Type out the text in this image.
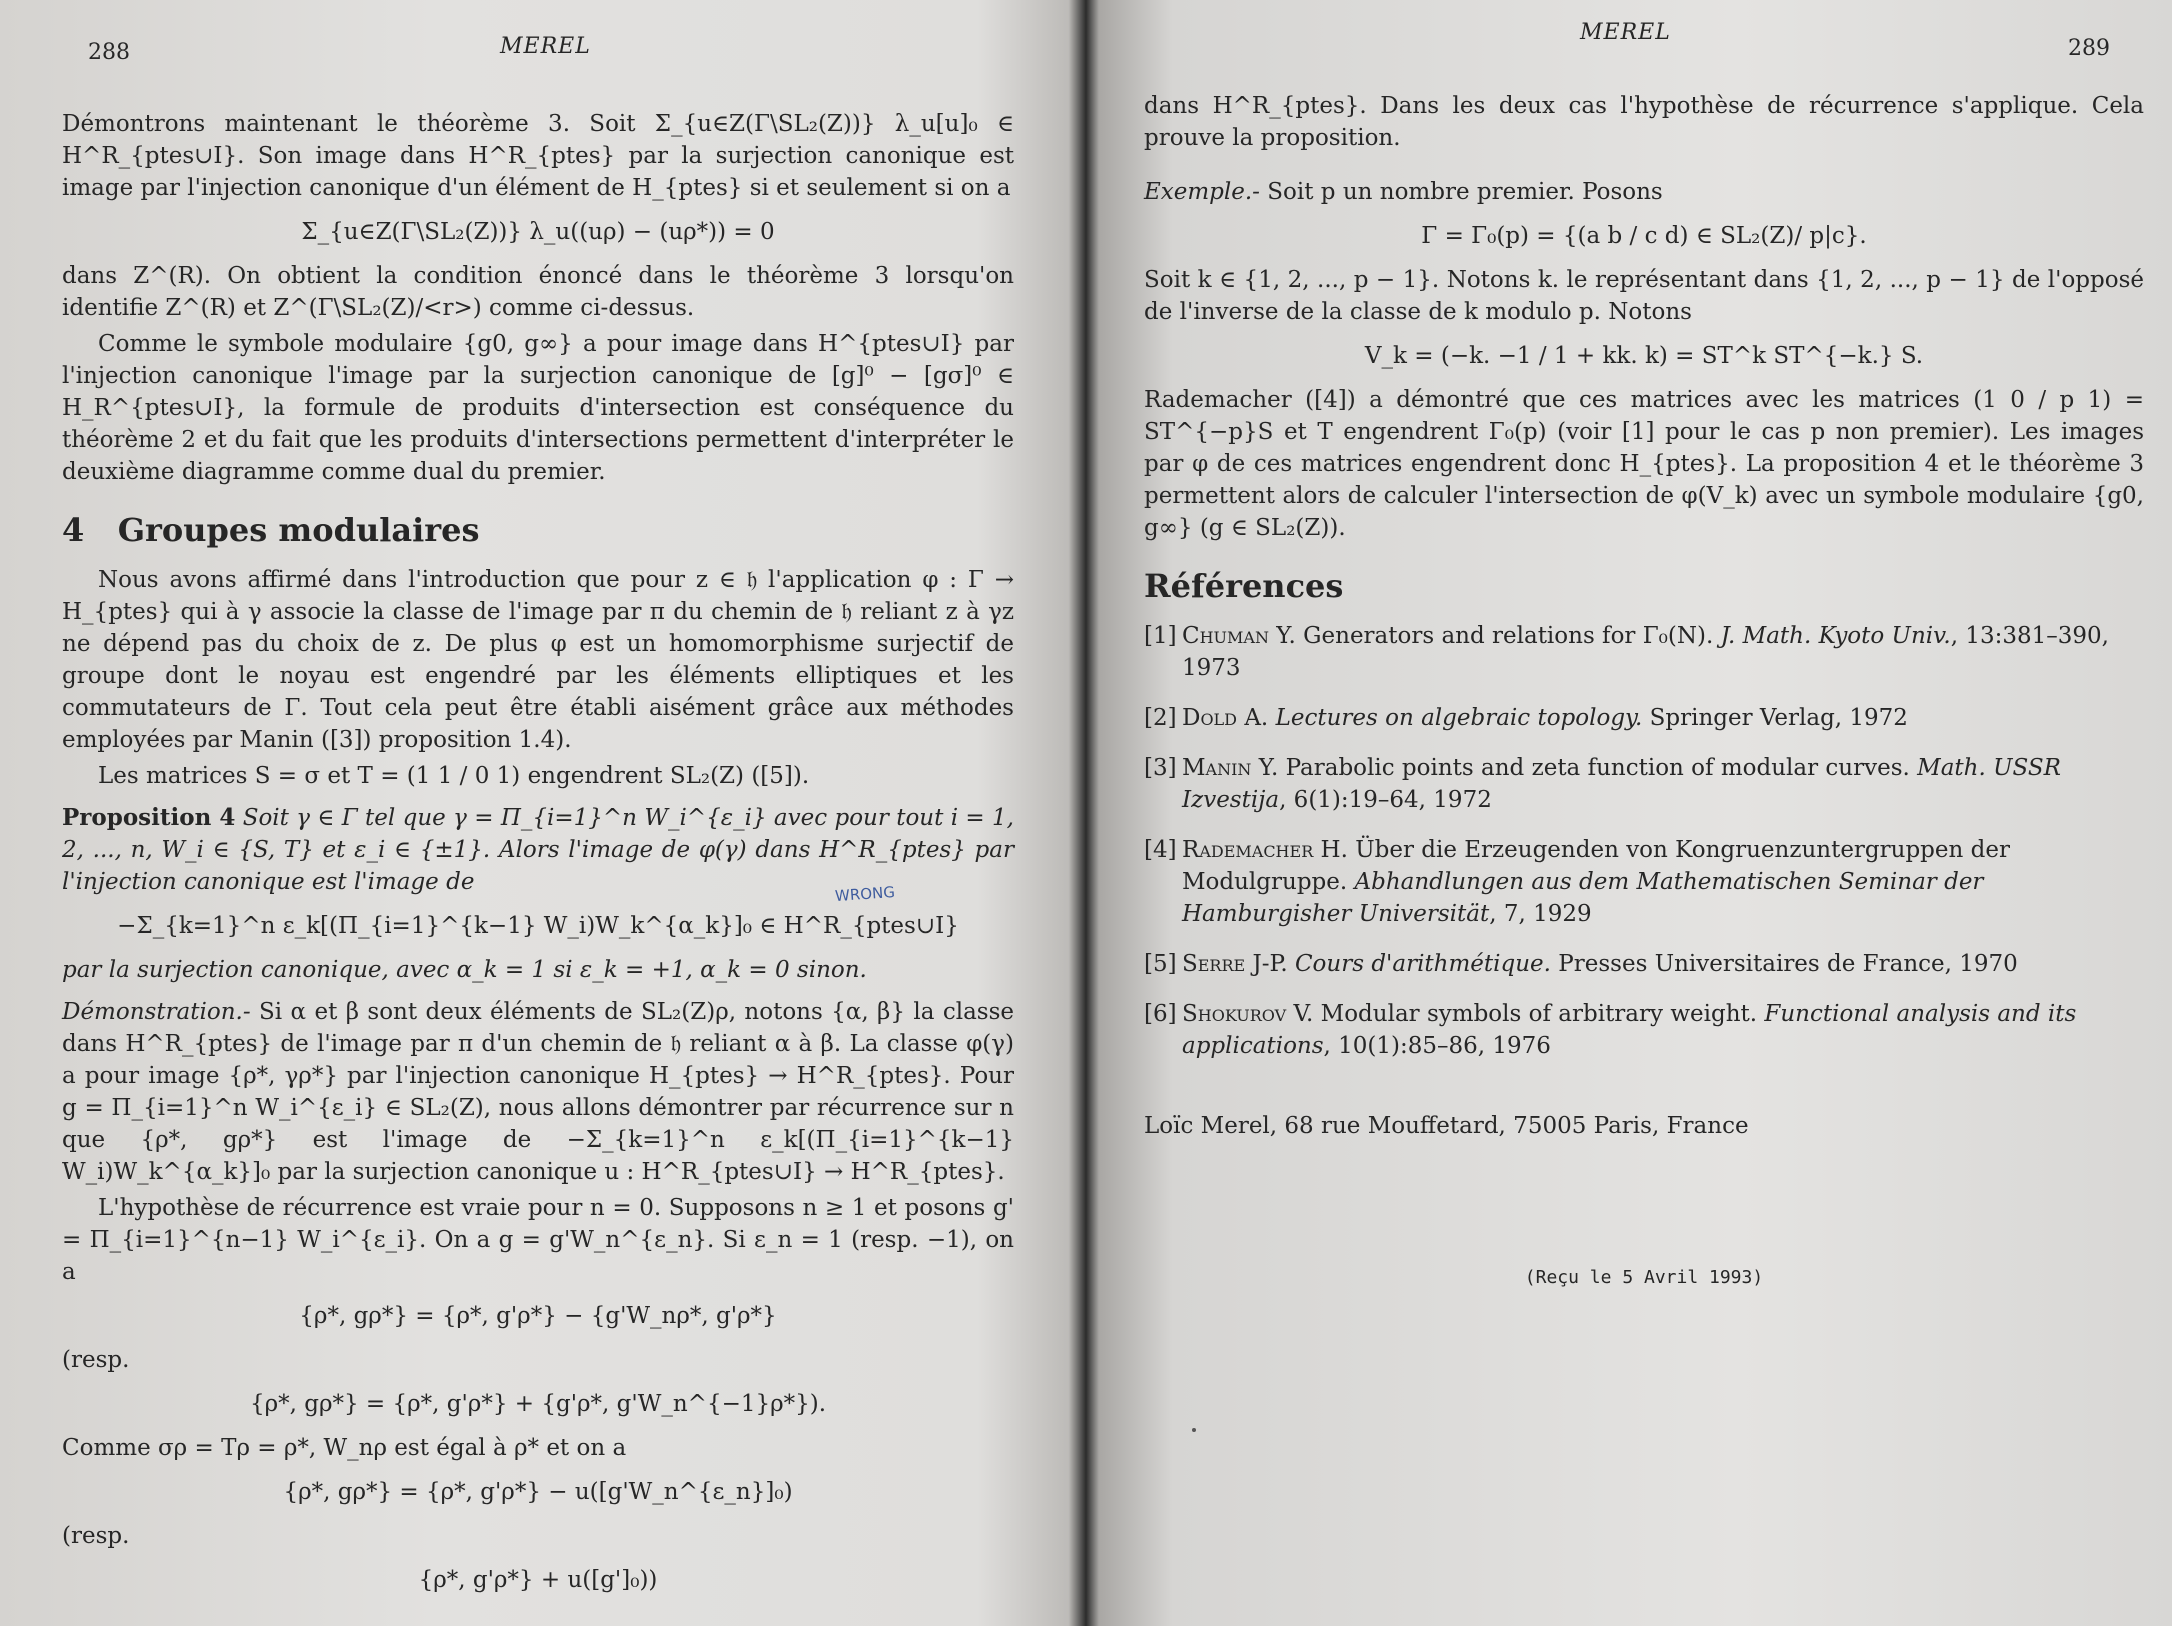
288	MEREL

Démontrons maintenant le théorème 3. Soit Σ_{u∈Z(Γ\SL₂(Z))} λ_u[u]₀ ∈ H^R_{ptes∪I}. Son image dans H^R_{ptes} par la surjection canonique est image par l'injection canonique d'un élément de H_{ptes} si et seulement si on a

Σ_{u∈Z(Γ\SL₂(Z))} λ_u((uρ) − (uρ*)) = 0

dans Z^(R). On obtient la condition énoncé dans le théorème 3 lorsqu'on identifie Z^(R) et Z^(Γ\SL₂(Z)/<r>) comme ci-dessus.

Comme le symbole modulaire {g0, g∞} a pour image dans H^{ptes∪I} par l'injection canonique l'image par la surjection canonique de [g]⁰ − [gσ]⁰ ∈ H_R^{ptes∪I}, la formule de produits d'intersection est conséquence du théorème 2 et du fait que les produits d'intersections permettent d'interpréter le deuxième diagramme comme dual du premier.

4 Groupes modulaires

Nous avons affirmé dans l'introduction que pour z ∈ 𝔥 l'application φ : Γ → H_{ptes} qui à γ associe la classe de l'image par π du chemin de 𝔥 reliant z à γz ne dépend pas du choix de z. De plus φ est un homomorphisme surjectif de groupe dont le noyau est engendré par les éléments elliptiques et les commutateurs de Γ. Tout cela peut être établi aisément grâce aux méthodes employées par Manin ([3]) proposition 1.4).

Les matrices S = σ et T = (1 1 / 0 1) engendrent SL₂(Z) ([5]).

Proposition 4 Soit γ ∈ Γ tel que γ = Π_{i=1}^n W_i^{ε_i} avec pour tout i = 1, 2, ..., n, W_i ∈ {S, T} et ε_i ∈ {±1}. Alors l'image de φ(γ) dans H^R_{ptes} par l'injection canonique est l'image de

−Σ_{k=1}^n ε_k[(Π_{i=1}^{k−1} W_i)W_k^{α_k}]₀ ∈ H^R_{ptes∪I}

par la surjection canonique, avec α_k = 1 si ε_k = +1, α_k = 0 sinon.

Démonstration.- Si α et β sont deux éléments de SL₂(Z)ρ, notons {α, β} la classe dans H^R_{ptes} de l'image par π d'un chemin de 𝔥 reliant α à β. La classe φ(γ) a pour image {ρ*, γρ*} par l'injection canonique H_{ptes} → H^R_{ptes}. Pour g = Π_{i=1}^n W_i^{ε_i} ∈ SL₂(Z), nous allons démontrer par récurrence sur n que {ρ*, gρ*} est l'image de −Σ_{k=1}^n ε_k[(Π_{i=1}^{k−1} W_i)W_k^{α_k}]₀ par la surjection canonique u : H^R_{ptes∪I} → H^R_{ptes}.

L'hypothèse de récurrence est vraie pour n = 0. Supposons n ≥ 1 et posons g' = Π_{i=1}^{n−1} W_i^{ε_i}. On a g = g'W_n^{ε_n}. Si ε_n = 1 (resp. −1), on a

{ρ*, gρ*} = {ρ*, g'ρ*} − {g'W_nρ*, g'ρ*}

(resp.

{ρ*, gρ*} = {ρ*, g'ρ*} + {g'ρ*, g'W_n^{−1}ρ*}).

Comme σρ = Tρ = ρ*, W_nρ est égal à ρ* et on a

{ρ*, gρ*} = {ρ*, g'ρ*} − u([g'W_n^{ε_n}]₀)

(resp.

{ρ*, g'ρ*} + u([g']₀))
WRONG
MEREL
289

dans H^R_{ptes}. Dans les deux cas l'hypothèse de récurrence s'applique. Cela prouve la proposition.

Exemple.- Soit p un nombre premier. Posons

Γ = Γ₀(p) = {(a b / c d) ∈ SL₂(Z)/ p|c}.

Soit k ∈ {1, 2, ..., p − 1}. Notons k. le représentant dans {1, 2, ..., p − 1} de l'opposé de l'inverse de la classe de k modulo p. Notons

V_k = (−k. −1 / 1 + kk. k) = ST^k ST^{−k.} S.

Rademacher ([4]) a démontré que ces matrices avec les matrices (1 0 / p 1) = ST^{−p}S et T engendrent Γ₀(p) (voir [1] pour le cas p non premier). Les images par φ de ces matrices engendrent donc H_{ptes}. La proposition 4 et le théorème 3 permettent alors de calculer l'intersection de φ(V_k) avec un symbole modulaire {g0, g∞} (g ∈ SL₂(Z)).

Références
[1] Chuman Y. Generators and relations for Γ₀(N). J. Math. Kyoto Univ., 13:381–390, 1973
[2] Dold A. Lectures on algebraic topology. Springer Verlag, 1972
[3] Manin Y. Parabolic points and zeta function of modular curves. Math. USSR Izvestija, 6(1):19–64, 1972
[4] Rademacher H. Über die Erzeugenden von Kongruenzuntergruppen der Modulgruppe. Abhandlungen aus dem Mathematischen Seminar der Hamburgisher Universität, 7, 1929
[5] Serre J-P. Cours d'arithmétique. Presses Universitaires de France, 1970
[6] Shokurov V. Modular symbols of arbitrary weight. Functional analysis and its applications, 10(1):85–86, 1976

Loïc Merel, 68 rue Mouffetard, 75005 Paris, France

(Reçu le 5 Avril 1993)
